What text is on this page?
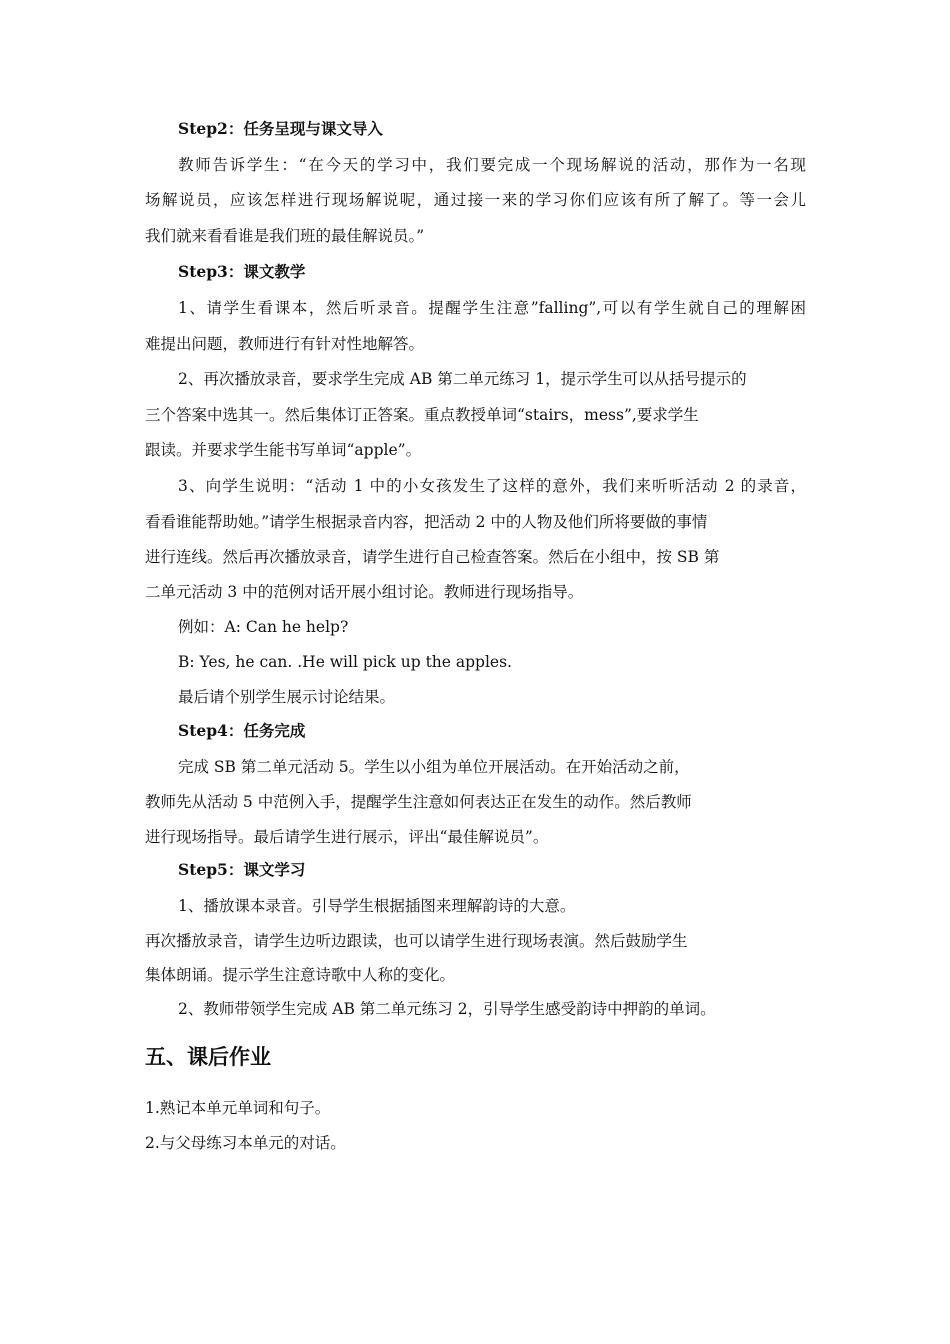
Step2：任务呈现与课文导入
教师告诉学生：“在今天的学习中，我们要完成一个现场解说的活动，那作为一名现
场解说员，应该怎样进行现场解说呢，通过接一来的学习你们应该有所了解了。等一会儿
我们就来看看谁是我们班的最佳解说员。”
Step3：课文教学
1、请学生看课本，然后听录音。提醒学生注意”falling”,可以有学生就自己的理解困
难提出问题，教师进行有针对性地解答。
2、再次播放录音，要求学生完成 AB 第二单元练习 1，提示学生可以从括号提示的
三个答案中选其一。然后集体订正答案。重点教授单词“stairs，mess”,要求学生
跟读。并要求学生能书写单词“apple”。
3、向学生说明：“活动 1 中的小女孩发生了这样的意外，我们来听听活动 2 的录音，
看看谁能帮助她。”请学生根据录音内容，把活动 2 中的人物及他们所将要做的事情
进行连线。然后再次播放录音，请学生进行自己检查答案。然后在小组中，按 SB 第
二单元活动 3 中的范例对话开展小组讨论。教师进行现场指导。
例如：A: Can he help?
B: Yes, he can. .He will pick up the apples.
最后请个别学生展示讨论结果。
Step4：任务完成
完成 SB 第二单元活动 5。学生以小组为单位开展活动。在开始活动之前，
教师先从活动 5 中范例入手，提醒学生注意如何表达正在发生的动作。然后教师
进行现场指导。最后请学生进行展示，评出“最佳解说员”。
Step5：课文学习
1、播放课本录音。引导学生根据插图来理解韵诗的大意。
再次播放录音，请学生边听边跟读，也可以请学生进行现场表演。然后鼓励学生
集体朗诵。提示学生注意诗歌中人称的变化。
2、教师带领学生完成 AB 第二单元练习 2，引导学生感受韵诗中押韵的单词。
五、课后作业
1.熟记本单元单词和句子。
2.与父母练习本单元的对话。
